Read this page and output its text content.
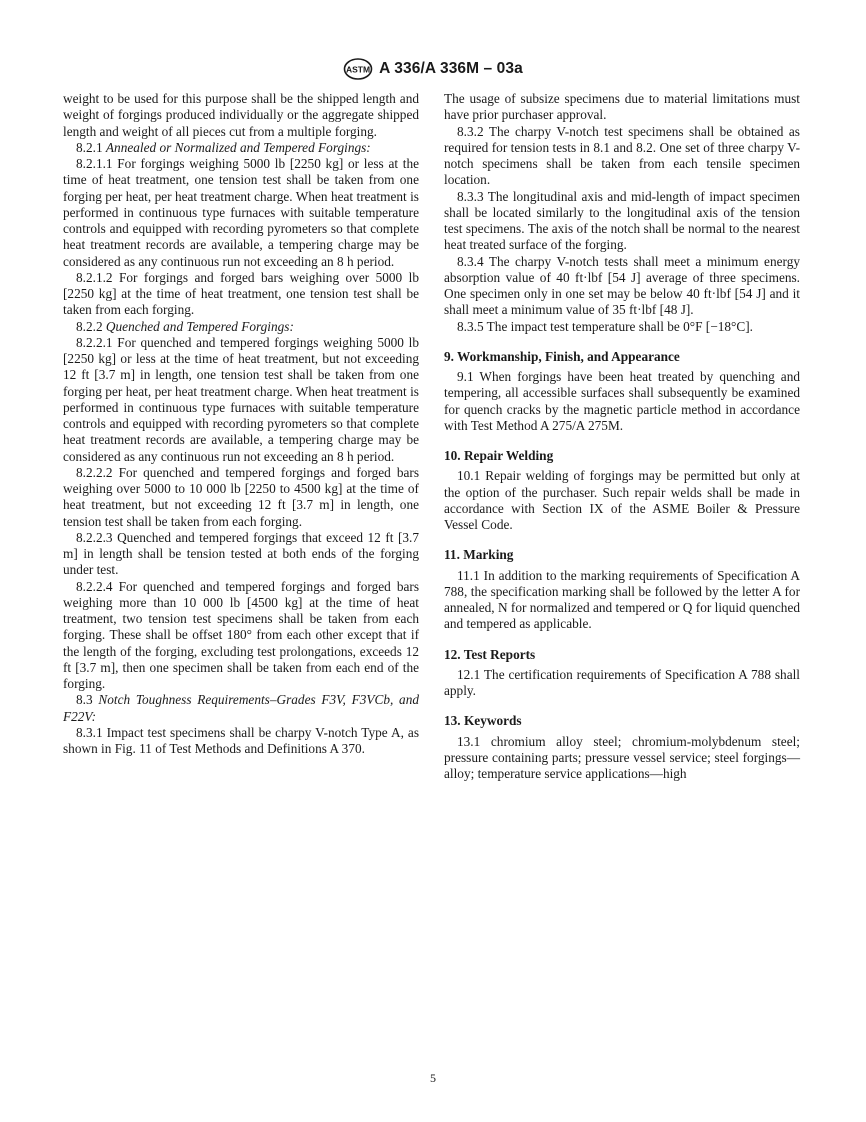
ASTM A 336/A 336M – 03a

weight to be used for this purpose shall be the shipped length and weight of forgings produced individually or the aggregate shipped length and weight of all pieces cut from a multiple forging.

8.2.1 Annealed or Normalized and Tempered Forgings:

8.2.1.1 For forgings weighing 5000 lb [2250 kg] or less at the time of heat treatment, one tension test shall be taken from one forging per heat, per heat treatment charge. When heat treatment is performed in continuous type furnaces with suitable temperature controls and equipped with recording pyrometers so that complete heat treatment records are available, a tempering charge may be considered as any continuous run not exceeding an 8 h period.

8.2.1.2 For forgings and forged bars weighing over 5000 lb [2250 kg] at the time of heat treatment, one tension test shall be taken from each forging.

8.2.2 Quenched and Tempered Forgings:

8.2.2.1 For quenched and tempered forgings weighing 5000 lb [2250 kg] or less at the time of heat treatment, but not exceeding 12 ft [3.7 m] in length, one tension test shall be taken from one forging per heat, per heat treatment charge. When heat treatment is performed in continuous type furnaces with suitable temperature controls and equipped with recording pyrometers so that complete heat treatment records are available, a tempering charge may be considered as any continuous run not exceeding an 8 h period.

8.2.2.2 For quenched and tempered forgings and forged bars weighing over 5000 to 10 000 lb [2250 to 4500 kg] at the time of heat treatment, but not exceeding 12 ft [3.7 m] in length, one tension test shall be taken from each forging.

8.2.2.3 Quenched and tempered forgings that exceed 12 ft [3.7 m] in length shall be tension tested at both ends of the forging under test.

8.2.2.4 For quenched and tempered forgings and forged bars weighing more than 10 000 lb [4500 kg] at the time of heat treatment, two tension test specimens shall be taken from each forging. These shall be offset 180° from each other except that if the length of the forging, excluding test prolongations, exceeds 12 ft [3.7 m], then one specimen shall be taken from each end of the forging.

8.3 Notch Toughness Requirements–Grades F3V, F3VCb, and F22V:

8.3.1 Impact test specimens shall be charpy V-notch Type A, as shown in Fig. 11 of Test Methods and Definitions A 370.

The usage of subsize specimens due to material limitations must have prior purchaser approval.

8.3.2 The charpy V-notch test specimens shall be obtained as required for tension tests in 8.1 and 8.2. One set of three charpy V-notch specimens shall be taken from each tensile specimen location.

8.3.3 The longitudinal axis and mid-length of impact specimen shall be located similarly to the longitudinal axis of the tension test specimens. The axis of the notch shall be normal to the nearest heat treated surface of the forging.

8.3.4 The charpy V-notch tests shall meet a minimum energy absorption value of 40 ft·lbf [54 J] average of three specimens. One specimen only in one set may be below 40 ft·lbf [54 J] and it shall meet a minimum value of 35 ft·lbf [48 J].

8.3.5 The impact test temperature shall be 0°F [−18°C].

9. Workmanship, Finish, and Appearance

9.1 When forgings have been heat treated by quenching and tempering, all accessible surfaces shall subsequently be examined for quench cracks by the magnetic particle method in accordance with Test Method A 275/A 275M.

10. Repair Welding

10.1 Repair welding of forgings may be permitted but only at the option of the purchaser. Such repair welds shall be made in accordance with Section IX of the ASME Boiler & Pressure Vessel Code.

11. Marking

11.1 In addition to the marking requirements of Specification A 788, the specification marking shall be followed by the letter A for annealed, N for normalized and tempered or Q for liquid quenched and tempered as applicable.

12. Test Reports

12.1 The certification requirements of Specification A 788 shall apply.

13. Keywords

13.1 chromium alloy steel; chromium-molybdenum steel; pressure containing parts; pressure vessel service; steel forgings—alloy; temperature service applications—high

5
